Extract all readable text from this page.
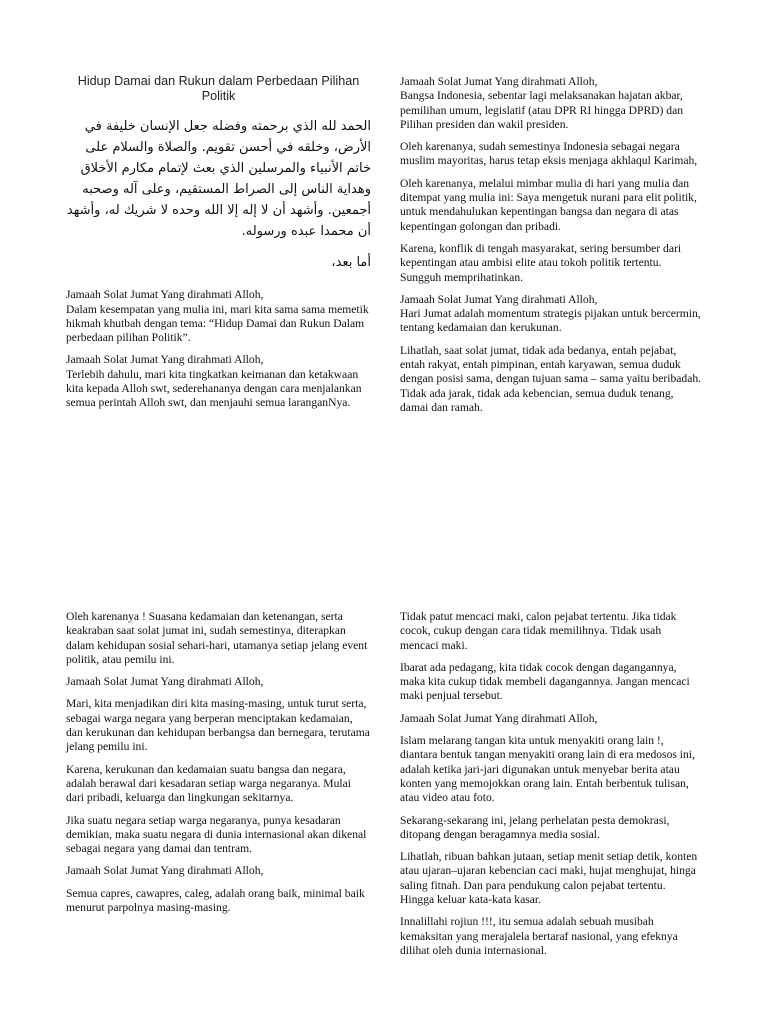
Hidup Damai dan Rukun dalam Perbedaan Pilihan Politik
الحمد لله الذي برحمته وفضله جعل الإنسان خليفة في الأرض، وخلقه في أحسن تقويم. والصلاة والسلام على خاتم الأنبياء والمرسلين الذي بعث لإتمام مكارم الأخلاق وهداية الناس إلى الصراط المستقيم، وعلى آله وصحبه أجمعين. وأشهد أن لا إله إلا الله وحده لا شريك له، وأشهد أن محمدا عبده ورسوله.
أما بعد،

Jamaah Solat Jumat Yang dirahmati Alloh,
Dalam kesempatan yang mulia ini, mari kita sama sama memetik hikmah khutbah dengan tema: “Hidup Damai dan Rukun Dalam perbedaan pilihan Politik”.

Jamaah Solat Jumat Yang dirahmati Alloh,
Terlebih dahulu, mari kita tingkatkan keimanan dan ketakwaan kita kepada Alloh swt, sederehananya dengan cara menjalankan semua perintah Alloh swt, dan menjauhi semua laranganNya.

Jamaah Solat Jumat Yang dirahmati Alloh,
Bangsa Indonesia, sebentar lagi melaksanakan hajatan akbar, pemilihan umum, legislatif (atau DPR RI hingga DPRD) dan Pilihan presiden dan wakil presiden.

Oleh karenanya, sudah semestinya Indonesia sebagai negara muslim mayoritas, harus tetap eksis menjaga akhlaqul Karimah,

Oleh karenanya, melalui mimbar mulia di hari yang mulia dan ditempat yang mulia ini: Saya mengetuk nurani para elit politik, untuk mendahulukan kepentingan bangsa dan negara di atas kepentingan golongan dan pribadi.

Karena, konflik di tengah masyarakat, sering bersumber dari kepentingan atau ambisi elite atau tokoh politik tertentu. Sungguh memprihatinkan.

Jamaah Solat Jumat Yang dirahmati Alloh,
Hari Jumat adalah momentum strategis pijakan untuk bercermin, tentang kedamaian dan kerukunan.

Lihatlah, saat solat jumat, tidak ada bedanya, entah pejabat, entah rakyat, entah pimpinan, entah karyawan, semua duduk dengan posisi sama, dengan tujuan sama – sama yaitu beribadah. Tidak ada jarak, tidak ada kebencian, semua duduk tenang, damai dan ramah.

Oleh karenanya ! Suasana kedamaian dan ketenangan, serta keakraban saat solat jumat ini, sudah semestinya, diterapkan dalam kehidupan sosial sehari-hari, utamanya setiap jelang event politik, atau pemilu ini.

Jamaah Solat Jumat Yang dirahmati Alloh,

Mari, kita menjadikan diri kita masing-masing, untuk turut serta, sebagai warga negara yang berperan menciptakan kedamaian, dan kerukunan dan kehidupan berbangsa dan bernegara, terutama jelang pemilu ini.

Karena, kerukunan dan kedamaian suatu bangsa dan negara, adalah berawal dari kesadaran setiap warga negaranya. Mulai dari pribadi, keluarga dan lingkungan sekitarnya.

Jika suatu negara setiap warga negaranya, punya kesadaran demikian, maka suatu negara di dunia internasional akan dikenal sebagai negara yang damai dan tentram.

Jamaah Solat Jumat Yang dirahmati Alloh,

Semua capres, cawapres, caleg, adalah orang baik, minimal baik menurut parpolnya masing-masing.

Tidak patut mencaci maki, calon pejabat tertentu. Jika tidak cocok, cukup dengan cara tidak memilihnya. Tidak usah mencaci maki.

Ibarat ada pedagang, kita tidak cocok dengan dagangannya, maka kita cukup tidak membeli dagangannya. Jangan mencaci maki penjual tersebut.

Jamaah Solat Jumat Yang dirahmati Alloh,

Islam melarang tangan kita untuk menyakiti orang lain !, diantara bentuk tangan menyakiti orang lain di era medosos ini, adalah ketika jari-jari digunakan untuk menyebar berita atau konten yang memojokkan orang lain. Entah berbentuk tulisan, atau video atau foto.

Sekarang-sekarang ini, jelang perhelatan pesta demokrasi, ditopang dengan beragamnya media sosial.

Lihatlah, ribuan bahkan jutaan, setiap menit setiap detik, konten atau ujaran–ujaran kebencian caci maki, hujat menghujat, hinga saling fitnah. Dan para pendukung calon pejabat tertentu. Hingga keluar kata-kata kasar.

Innalillahi rojiun !!!, itu semua adalah sebuah musibah kemaksitan yang merajalela bertaraf nasional, yang efeknya dilihat oleh dunia internasional.
